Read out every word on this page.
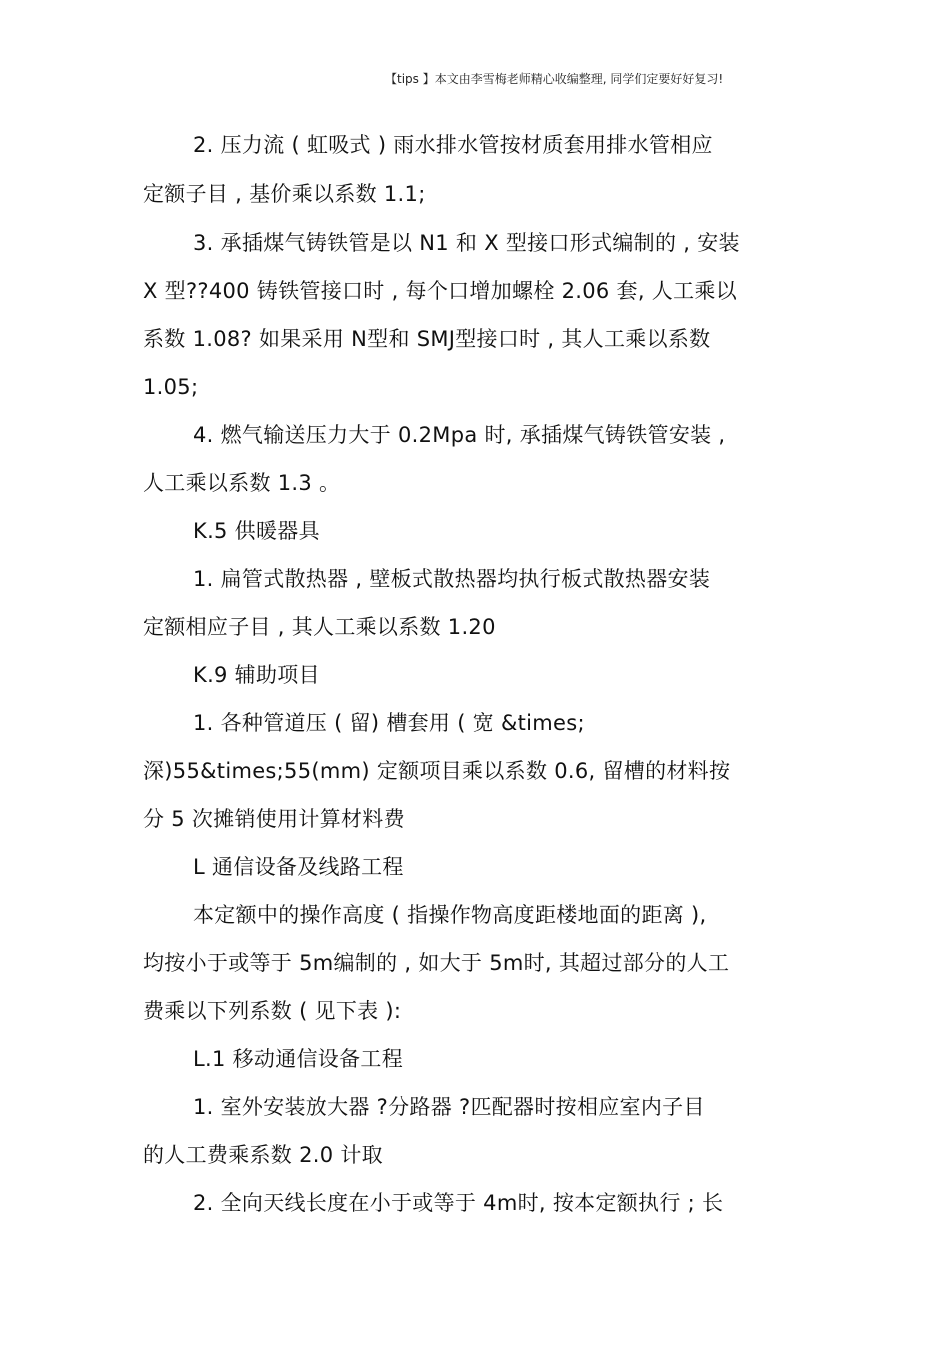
【tips 】本文由李雪梅老师精心收编整理, 同学们定要好好复习!
2. 压力流 ( 虹吸式 ) 雨水排水管按材质套用排水管相应
定额子目 , 基价乘以系数 1.1;
3. 承插煤气铸铁管是以 N1 和 X 型接口形式编制的 , 安装
X 型??400 铸铁管接口时 , 每个口增加螺栓 2.06 套, 人工乘以
系数 1.08? 如果采用 N型和 SMJ型接口时 , 其人工乘以系数
1.05;
4. 燃气输送压力大于 0.2Mpa 时, 承插煤气铸铁管安装 ,
人工乘以系数 1.3 。
K.5 供暖器具
1. 扁管式散热器 , 壁板式散热器均执行板式散热器安装
定额相应子目 , 其人工乘以系数 1.20
K.9 辅助项目
1. 各种管道压 ( 留) 槽套用 ( 宽 &times;
深)55&times;55(mm) 定额项目乘以系数 0.6, 留槽的材料按
分 5 次摊销使用计算材料费
L 通信设备及线路工程
本定额中的操作高度 ( 指操作物高度距楼地面的距离 ),
均按小于或等于 5m编制的 , 如大于 5m时, 其超过部分的人工
费乘以下列系数 ( 见下表 ):
L.1 移动通信设备工程
1. 室外安装放大器 ?分路器 ?匹配器时按相应室内子目
的人工费乘系数 2.0 计取
2. 全向天线长度在小于或等于 4m时, 按本定额执行 ; 长
